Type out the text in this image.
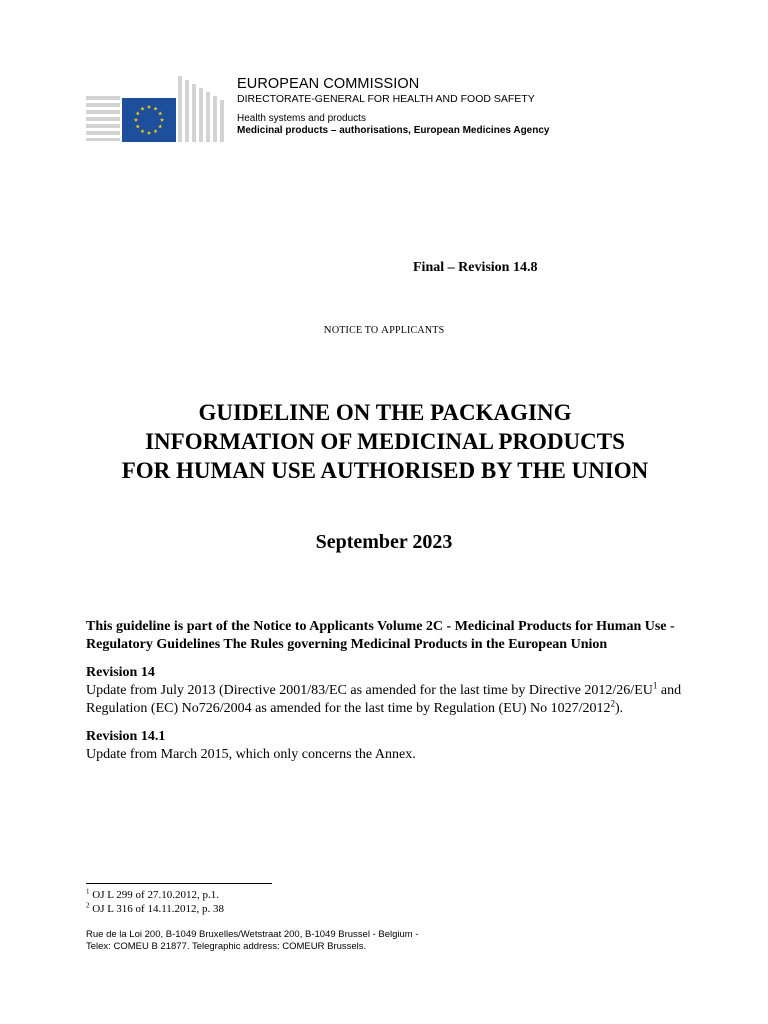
EUROPEAN COMMISSION
DIRECTORATE-GENERAL FOR HEALTH AND FOOD SAFETY
Health systems and products
Medicinal products – authorisations, European Medicines Agency
Final – Revision 14.8
NOTICE TO APPLICANTS
GUIDELINE ON THE PACKAGING
INFORMATION OF MEDICINAL PRODUCTS
FOR HUMAN USE AUTHORISED BY THE UNION
September 2023

This guideline is part of the Notice to Applicants Volume 2C - Medicinal Products for Human Use - Regulatory Guidelines The Rules governing Medicinal Products in the European Union

Revision 14

Update from July 2013 (Directive 2001/83/EC as amended for the last time by Directive $2012/26/EU^1$ and Regulation (EC) No726/2004 as amended for the last time by Regulation (EU) No 1027/2012$^2$).

Revision 14.1

Update from March 2015, which only concerns the Annex.

$^1$ OJ L 299 of 27.10.2012, p.1.
$^2$ OJ L 316 of 14.11.2012, p. 38
Rue de la Loi 200, B-1049 Bruxelles/Wetstraat 200, B-1049 Brussel - Belgium -
Telex: COMEU B 21877. Telegraphic address: COMEUR Brussels.
